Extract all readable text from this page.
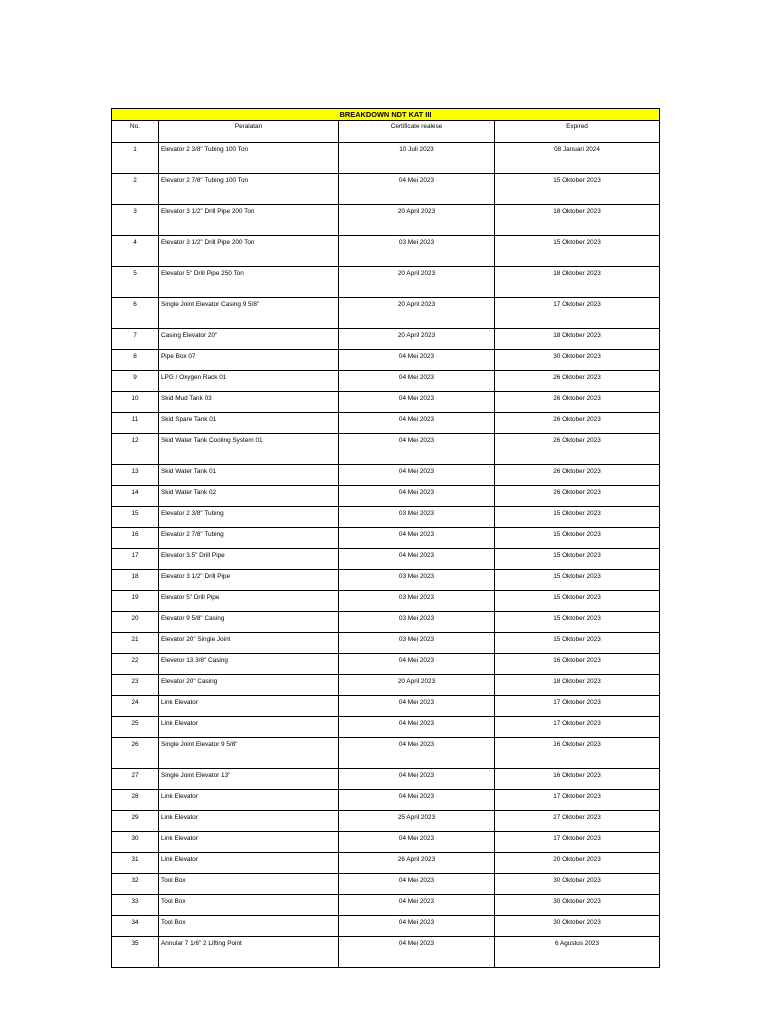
BREAKDOWN NDT KAT III			
No.	Peralatan	Certificate realese	Expired
1	Elevator 2 3/8" Tubing 100 Ton	10 Juli 2023	08 Januari 2024
2	Elevator 2 7/8" Tubing 100 Ton	04 Mei 2023	15 Oktober 2023
3	Elevator 3 1/2" Drill Pipe 200 Ton	20 April 2023	18 Oktober 2023
4	Elevator 3 1/2" Drill Pipe 200 Ton	03 Mei 2023	15 Oktober 2023
5	Elevator 5" Drill Pipe 250 Ton	20 April 2023	18 Oktober 2023
6	Single Joint Elevator Casing 9 5/8"	20 April 2023	17 Oktober 2023
7	Casing Elevator 20"	20 April 2023	18 Oktober 2023
8	Pipe Box 07	04 Mei 2023	30 Oktober 2023
9	LPG / Oxygen Rack 01	04 Mei 2023	26 Oktober 2023
10	Skid Mud Tank 03	04 Mei 2023	26 Oktober 2023
11	Skid Spare Tank 01	04 Mei 2023	26 Oktober 2023
12	Skid Water Tank Cooling System 01	04 Mei 2023	26 Oktober 2023
13	Skid Water Tank 01	04 Mei 2023	26 Oktober 2023
14	Skid Water Tank 02	04 Mei 2023	26 Oktober 2023
15	Elevator 2 3/8" Tubing	03 Mei 2023	15 Oktober 2023
16	Elevator 2 7/8" Tubing	04 Mei 2023	15 Oktober 2023
17	Elevator 3.5" Drill Pipe	04 Mei 2023	15 Oktober 2023
18	Elevator 3 1/2" Drill Pipe	03 Mei 2023	15 Oktober 2023
19	Elevator 5" Drill Pipe	03 Mei 2023	15 Oktober 2023
20	Elevator 9 5/8" Casing	03 Mei 2023	15 Oktober 2023
21	Elevator 20" Single Joint	03 Mei 2023	15 Oktober 2023
22	Elevetor 13 3/8" Casing	04 Mei 2023	16 Oktober 2023
23	Elevator 20" Casing	20 April 2023	18 Oktober 2023
24	Link Elevator	04 Mei 2023	17 Oktober 2023
25	Link Elevator	04 Mei 2023	17 Oktober 2023
26	Single Joint Elevator 9 5/8"	04 Mei 2023	16 Oktober 2023
27	Single Joint Elevator 13"	04 Mei 2023	16 Oktober 2023
28	Link Elevator	04 Mei 2023	17 Oktober 2023
29	Link Elevator	25 April 2023	27 Oktober 2023
30	Link Elevator	04 Mei 2023	17 Oktober 2023
31	Link Elevator	26 April 2023	20 Oktober 2023
32	Tool Box	04 Mei 2023	30 Oktober 2023
33	Tool Box	04 Mei 2023	30 Oktober 2023
34	Tool Box	04 Mei 2023	30 Oktober 2023
35	Annular 7 1/6" 2 Lifting Point	04 Mei 2023	6 Agustus 2023
